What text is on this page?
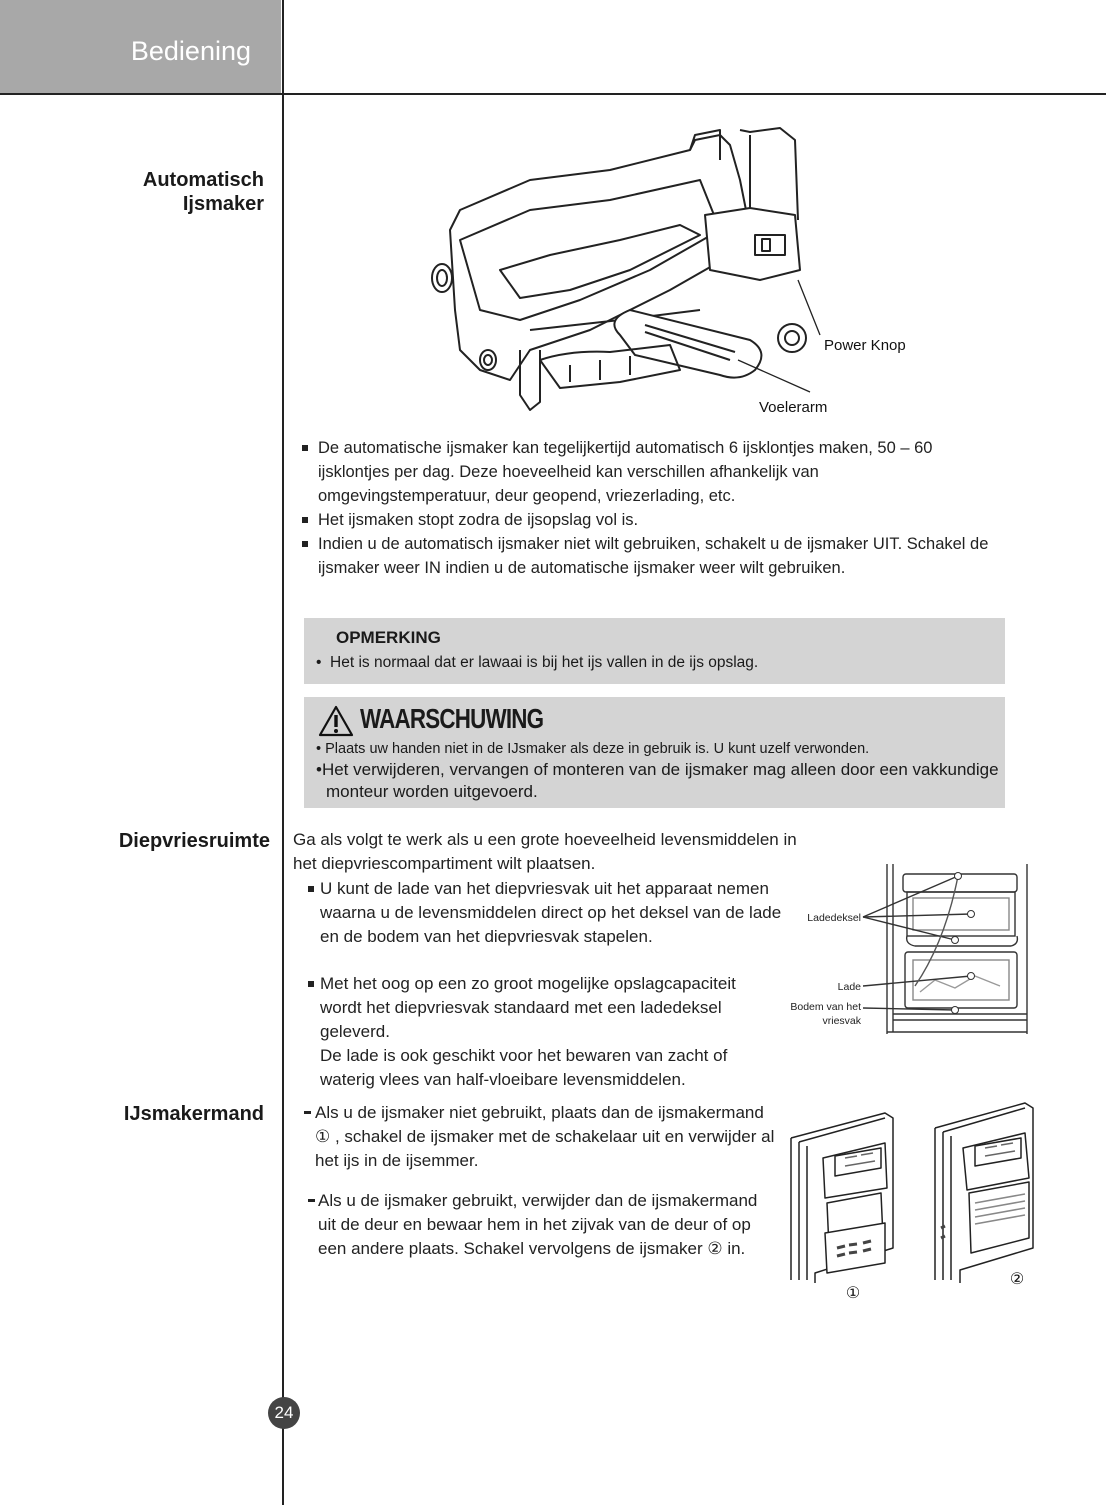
Bediening
Automatisch
Ijsmaker
Power Knop
Voelerarm
De automatische ijsmaker kan tegelijkertijd automatisch 6 ijsklontjes maken, 50 – 60 ijsklontjes per dag. Deze hoeveelheid kan verschillen afhankelijk van omgevingstemperatuur, deur geopend, vriezerlading, etc.
Het ijsmaken stopt zodra de ijsopslag vol is.
Indien u de automatisch ijsmaker niet wilt gebruiken, schakelt u de ijsmaker UIT. Schakel de ijsmaker weer IN indien u de automatische ijsmaker weer wilt gebruiken.
OPMERKING
•  Het is normaal dat er lawaai is bij het ijs vallen in de ijs opslag.
WAARSCHUWING
• Plaats uw handen niet in de IJsmaker als deze in gebruik is. U kunt uzelf verwonden.
•Het verwijderen, vervangen of monteren van de ijsmaker mag alleen door een vakkundige monteur worden uitgevoerd.
Diepvriesruimte Ga als volgt te werk als u een grote hoeveelheid levensmiddelen in het diepvriescompartiment wilt plaatsen.
U kunt de lade van het diepvriesvak uit het apparaat nemen waarna u de levensmiddelen direct op het deksel van de lade en de bodem van het diepvriesvak stapelen.
Met het oog op een zo groot mogelijke opslagcapaciteit wordt het diepvriesvak standaard met een ladedeksel geleverd.
De lade is ook geschikt voor het bewaren van zacht of waterig vlees van half-vloeibare levensmiddelen.
Ladedeksel
Lade
Bodem van het
vriesvak
IJsmakermand	Als u de ijsmaker niet gebruikt, plaats dan de ijsmakermand ① , schakel de ijsmaker met de schakelaar uit en verwijder al het ijs in de ijsemmer.
Als u de ijsmaker gebruikt, verwijder dan de ijsmakermand uit de deur en bewaar hem in het zijvak van de deur of op een andere plaats. Schakel vervolgens de ijsmaker ② in.
①
②
24
